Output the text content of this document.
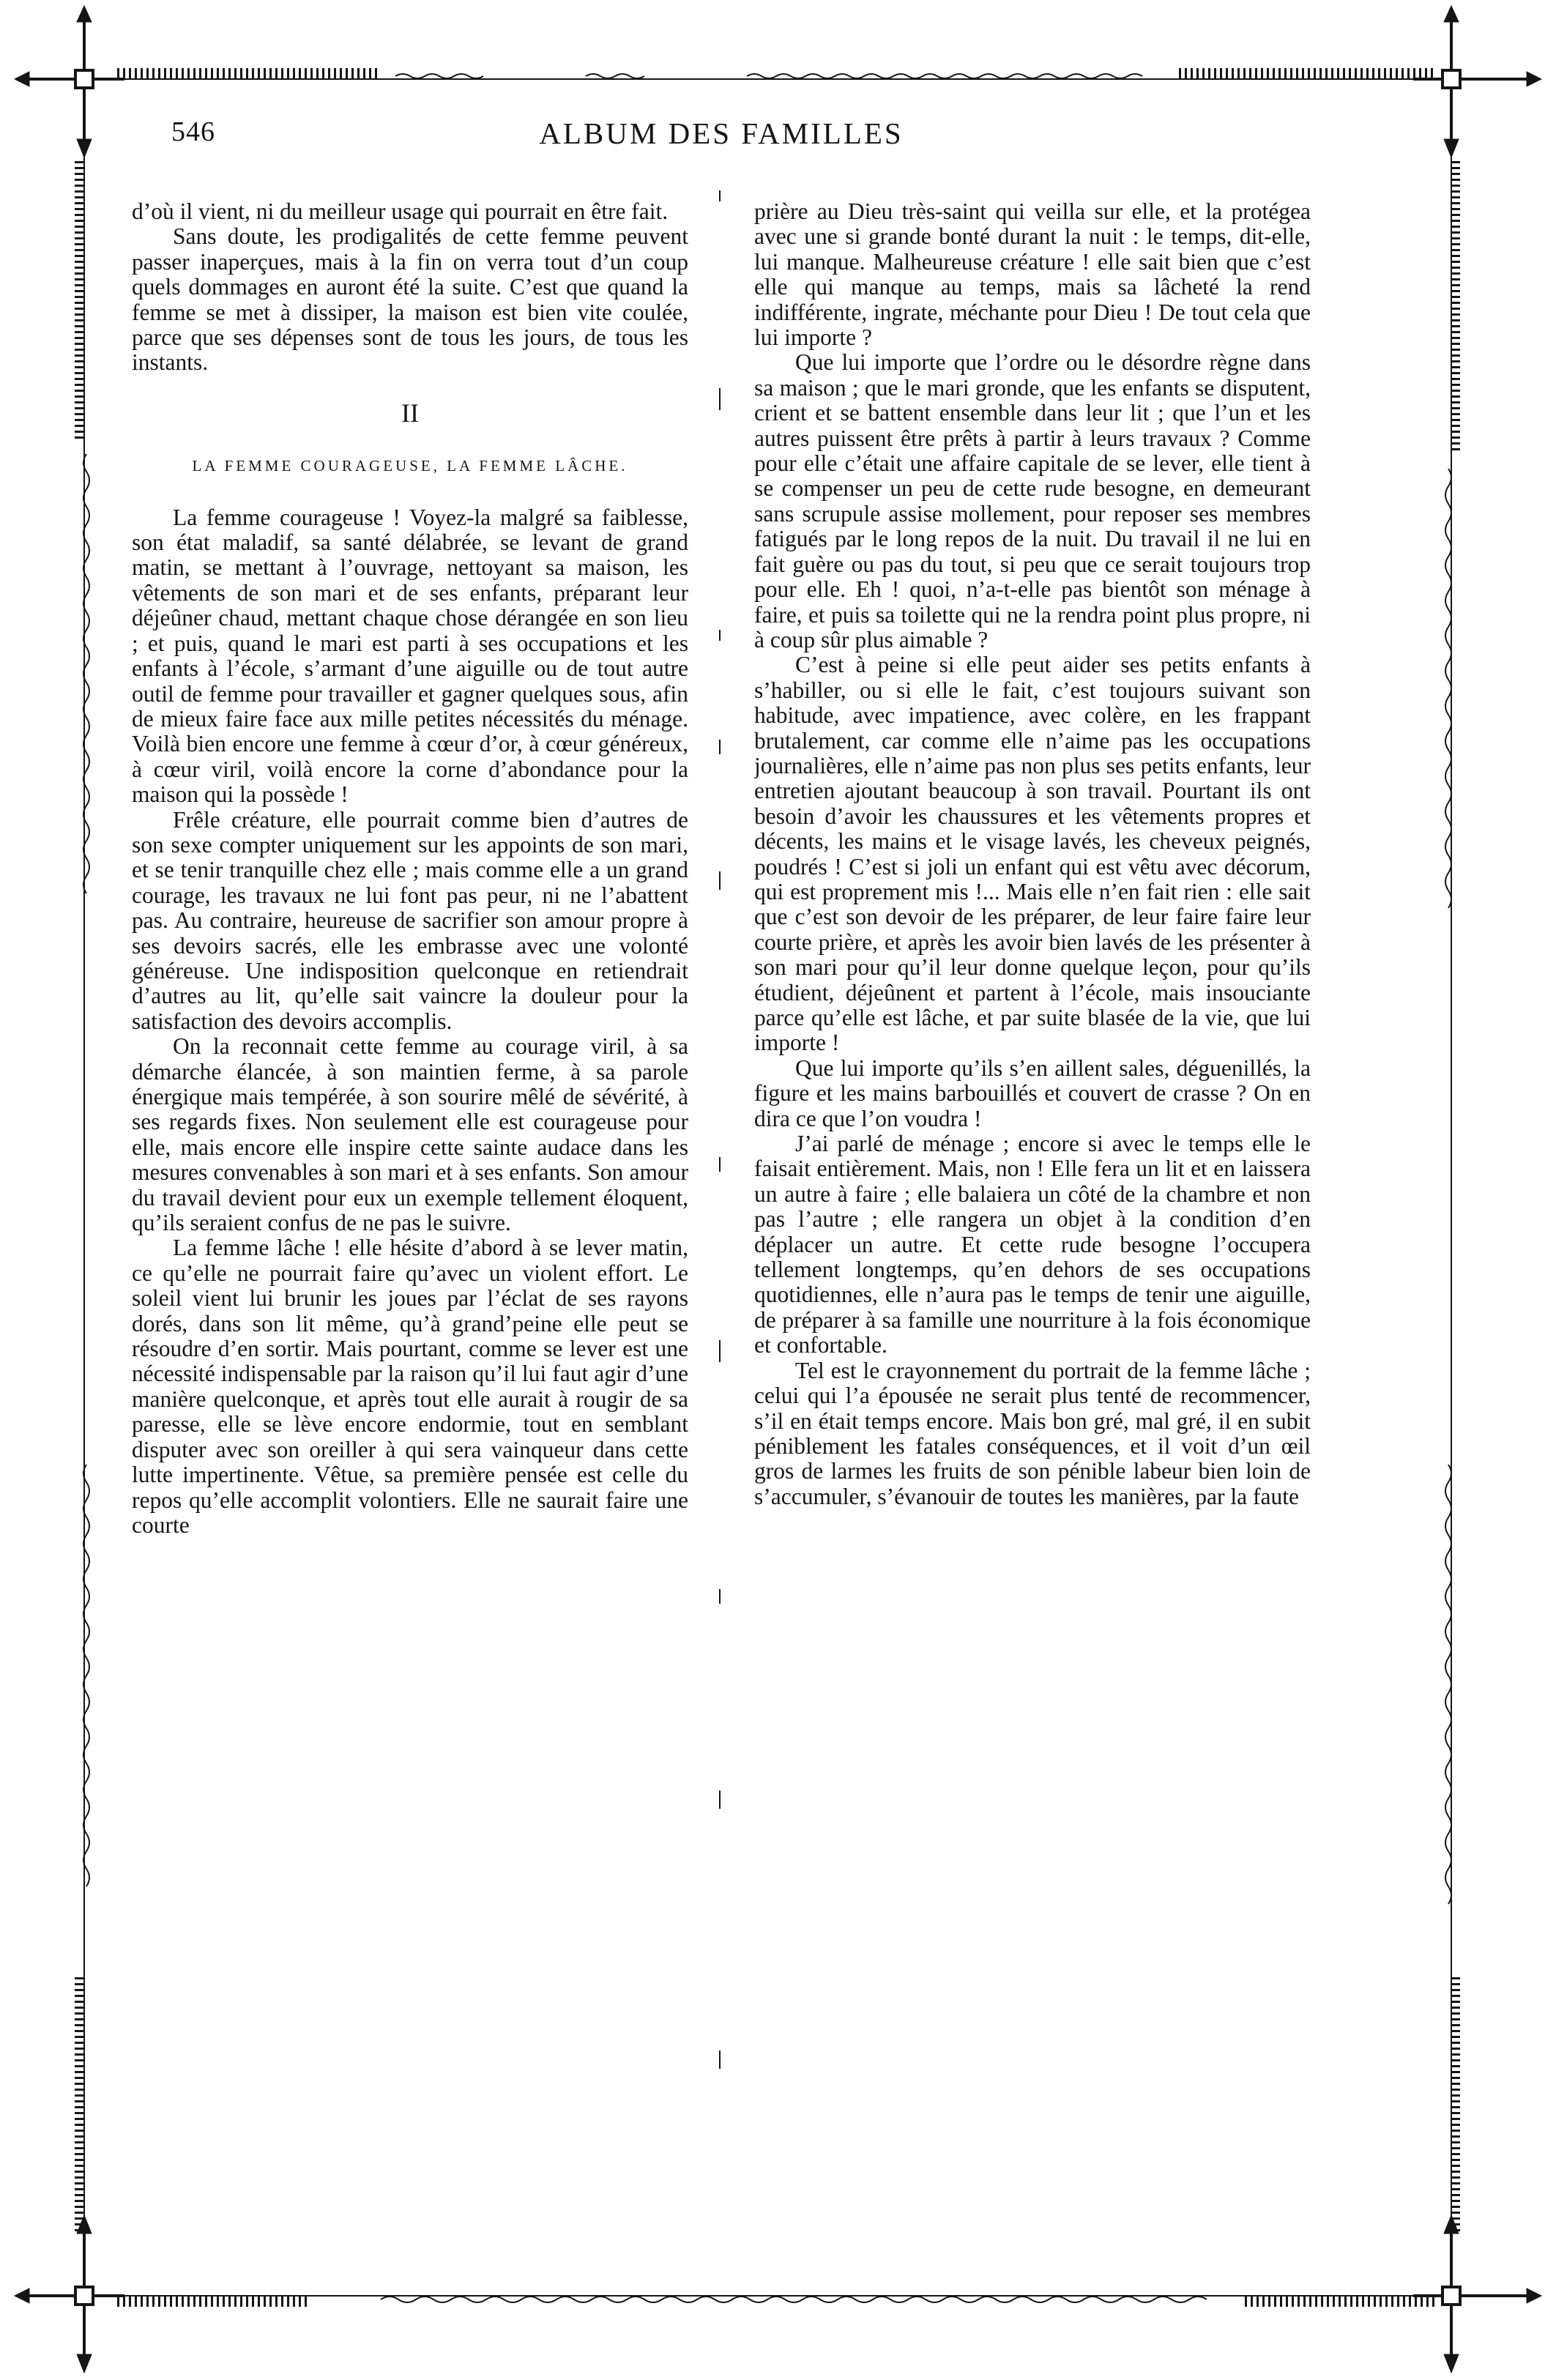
546	ALBUM DES FAMILLES

d’où il vient, ni du meilleur usage qui pourrait en être fait.

Sans doute, les prodigalités de cette femme peuvent passer inaperçues, mais à la fin on verra tout d’un coup quels dommages en auront été la suite. C’est que quand la femme se met à dissiper, la maison est bien vite coulée, parce que ses dépenses sont de tous les jours, de tous les instants.

II
LA FEMME COURAGEUSE, LA FEMME LÂCHE.

La femme courageuse ! Voyez-la malgré sa faiblesse, son état maladif, sa santé délabrée, se levant de grand matin, se mettant à l’ouvrage, nettoyant sa maison, les vêtements de son mari et de ses enfants, préparant leur déjeûner chaud, mettant chaque chose dérangée en son lieu ; et puis, quand le mari est parti à ses occupations et les enfants à l’école, s’armant d’une aiguille ou de tout autre outil de femme pour travailler et gagner quelques sous, afin de mieux faire face aux mille petites nécessités du ménage. Voilà bien encore une femme à cœur d’or, à cœur généreux, à cœur viril, voilà encore la corne d’abondance pour la maison qui la possède !

Frêle créature, elle pourrait comme bien d’autres de son sexe compter uniquement sur les appoints de son mari, et se tenir tranquille chez elle ; mais comme elle a un grand courage, les travaux ne lui font pas peur, ni ne l’abattent pas. Au contraire, heureuse de sacrifier son amour propre à ses devoirs sacrés, elle les embrasse avec une volonté généreuse. Une indisposition quelconque en retiendrait d’autres au lit, qu’elle sait vaincre la douleur pour la satisfaction des devoirs accomplis.

On la reconnait cette femme au courage viril, à sa démarche élancée, à son maintien ferme, à sa parole énergique mais tempérée, à son sourire mêlé de sévérité, à ses regards fixes. Non seulement elle est courageuse pour elle, mais encore elle inspire cette sainte audace dans les mesures convenables à son mari et à ses enfants. Son amour du travail devient pour eux un exemple tellement éloquent, qu’ils seraient confus de ne pas le suivre.

La femme lâche ! elle hésite d’abord à se lever matin, ce qu’elle ne pourrait faire qu’avec un violent effort. Le soleil vient lui brunir les joues par l’éclat de ses rayons dorés, dans son lit même, qu’à grand’peine elle peut se résoudre d’en sortir. Mais pourtant, comme se lever est une nécessité indispensable par la raison qu’il lui faut agir d’une manière quelconque, et après tout elle aurait à rougir de sa paresse, elle se lève encore endormie, tout en semblant disputer avec son oreiller à qui sera vainqueur dans cette lutte impertinente. Vêtue, sa première pensée est celle du repos qu’elle accomplit volontiers. Elle ne saurait faire une courte

prière au Dieu très-saint qui veilla sur elle, et la protégea avec une si grande bonté durant la nuit : le temps, dit-elle, lui manque. Malheureuse créature ! elle sait bien que c’est elle qui manque au temps, mais sa lâcheté la rend indifférente, ingrate, méchante pour Dieu ! De tout cela que lui importe ?

Que lui importe que l’ordre ou le désordre règne dans sa maison ; que le mari gronde, que les enfants se disputent, crient et se battent ensemble dans leur lit ; que l’un et les autres puissent être prêts à partir à leurs travaux ? Comme pour elle c’était une affaire capitale de se lever, elle tient à se compenser un peu de cette rude besogne, en demeurant sans scrupule assise mollement, pour reposer ses membres fatigués par le long repos de la nuit. Du travail il ne lui en fait guère ou pas du tout, si peu que ce serait toujours trop pour elle. Eh ! quoi, n’a-t-elle pas bientôt son ménage à faire, et puis sa toilette qui ne la rendra point plus propre, ni à coup sûr plus aimable ?

C’est à peine si elle peut aider ses petits enfants à s’habiller, ou si elle le fait, c’est toujours suivant son habitude, avec impatience, avec colère, en les frappant brutalement, car comme elle n’aime pas les occupations journalières, elle n’aime pas non plus ses petits enfants, leur entretien ajoutant beaucoup à son travail. Pourtant ils ont besoin d’avoir les chaussures et les vêtements propres et décents, les mains et le visage lavés, les cheveux peignés, poudrés ! C’est si joli un enfant qui est vêtu avec décorum, qui est proprement mis !... Mais elle n’en fait rien : elle sait que c’est son devoir de les préparer, de leur faire faire leur courte prière, et après les avoir bien lavés de les présenter à son mari pour qu’il leur donne quelque leçon, pour qu’ils étudient, déjeûnent et partent à l’école, mais insouciante parce qu’elle est lâche, et par suite blasée de la vie, que lui importe !

Que lui importe qu’ils s’en aillent sales, déguenillés, la figure et les mains barbouillés et couvert de crasse ? On en dira ce que l’on voudra !

J’ai parlé de ménage ; encore si avec le temps elle le faisait entièrement. Mais, non ! Elle fera un lit et en laissera un autre à faire ; elle balaiera un côté de la chambre et non pas l’autre ; elle rangera un objet à la condition d’en déplacer un autre. Et cette rude besogne l’occupera tellement longtemps, qu’en dehors de ses occupations quotidiennes, elle n’aura pas le temps de tenir une aiguille, de préparer à sa famille une nourriture à la fois économique et confortable.

Tel est le crayonnement du portrait de la femme lâche ; celui qui l’a épousée ne serait plus tenté de recommencer, s’il en était temps encore. Mais bon gré, mal gré, il en subit péniblement les fatales conséquences, et il voit d’un œil gros de larmes les fruits de son pénible labeur bien loin de s’accumuler, s’évanouir de toutes les manières, par la faute
